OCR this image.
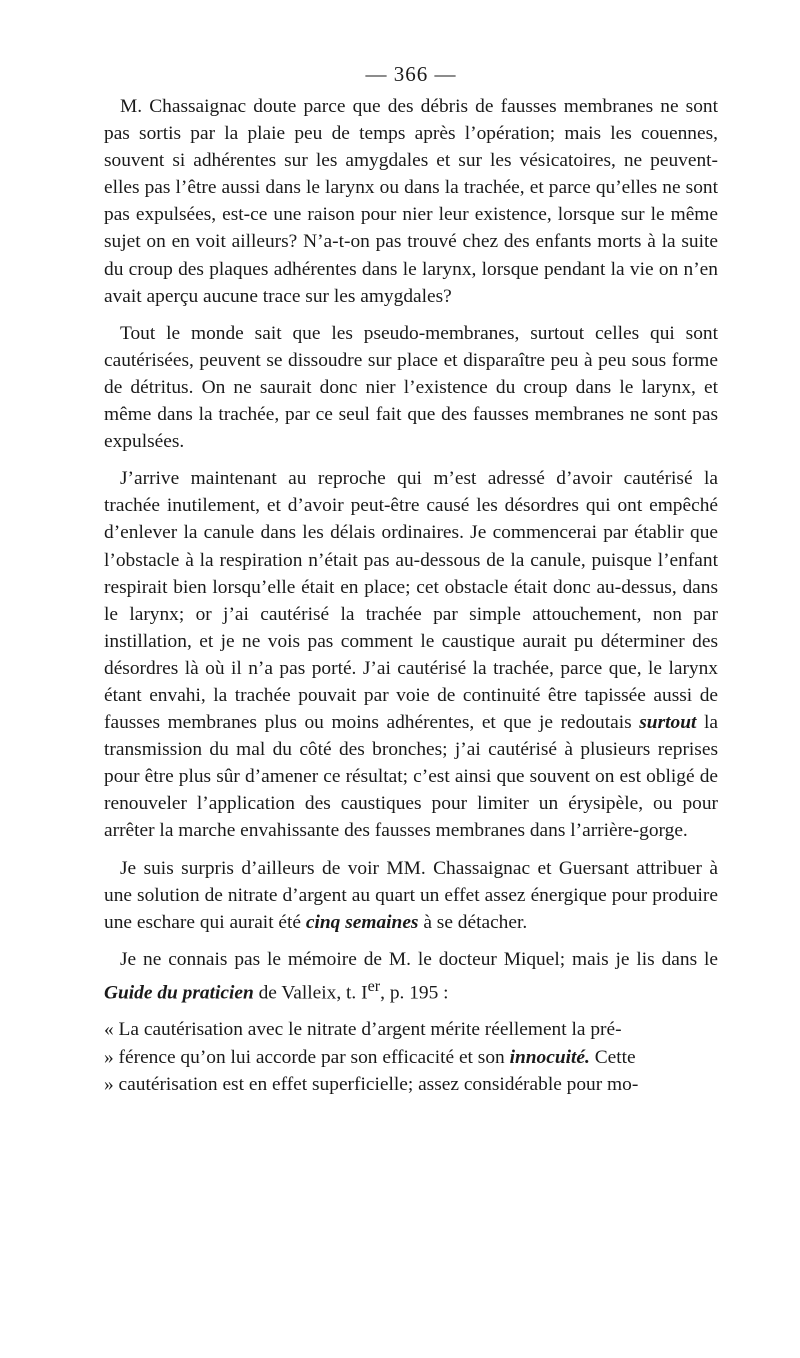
— 366 —

M. Chassaignac doute parce que des débris de fausses membranes ne sont pas sortis par la plaie peu de temps après l’opération; mais les couennes, souvent si adhérentes sur les amygdales et sur les vésicatoires, ne peuvent-elles pas l’être aussi dans le larynx ou dans la trachée, et parce qu’elles ne sont pas expulsées, est-ce une raison pour nier leur existence, lorsque sur le même sujet on en voit ailleurs? N’a-t-on pas trouvé chez des enfants morts à la suite du croup des plaques adhérentes dans le larynx, lorsque pendant la vie on n’en avait aperçu aucune trace sur les amygdales?

Tout le monde sait que les pseudo-membranes, surtout celles qui sont cautérisées, peuvent se dissoudre sur place et disparaître peu à peu sous forme de détritus. On ne saurait donc nier l’existence du croup dans le larynx, et même dans la trachée, par ce seul fait que des fausses membranes ne sont pas expulsées.

J’arrive maintenant au reproche qui m’est adressé d’avoir cautérisé la trachée inutilement, et d’avoir peut-être causé les désordres qui ont empêché d’enlever la canule dans les délais ordinaires. Je commencerai par établir que l’obstacle à la respiration n’était pas au-dessous de la canule, puisque l’enfant respirait bien lorsqu’elle était en place; cet obstacle était donc au-dessus, dans le larynx; or j’ai cautérisé la trachée par simple attouchement, non par instillation, et je ne vois pas comment le caustique aurait pu déterminer des désordres là où il n’a pas porté. J’ai cautérisé la trachée, parce que, le larynx étant envahi, la trachée pouvait par voie de continuité être tapissée aussi de fausses membranes plus ou moins adhérentes, et que je redoutais surtout la transmission du mal du côté des bronches; j’ai cautérisé à plusieurs reprises pour être plus sûr d’amener ce résultat; c’est ainsi que souvent on est obligé de renouveler l’application des caustiques pour limiter un érysipèle, ou pour arrêter la marche envahissante des fausses membranes dans l’arrière-gorge.

Je suis surpris d’ailleurs de voir MM. Chassaignac et Guersant attribuer à une solution de nitrate d’argent au quart un effet assez énergique pour produire une eschare qui aurait été cinq semaines à se détacher.

Je ne connais pas le mémoire de M. le docteur Miquel; mais je lis dans le Guide du praticien de Valleix, t. Ier, p. 195 :

« La cautérisation avec le nitrate d’argent mérite réellement la pré-
» férence qu’on lui accorde par son efficacité et son innocuité. Cette
» cautérisation est en effet superficielle; assez considérable pour mo-
